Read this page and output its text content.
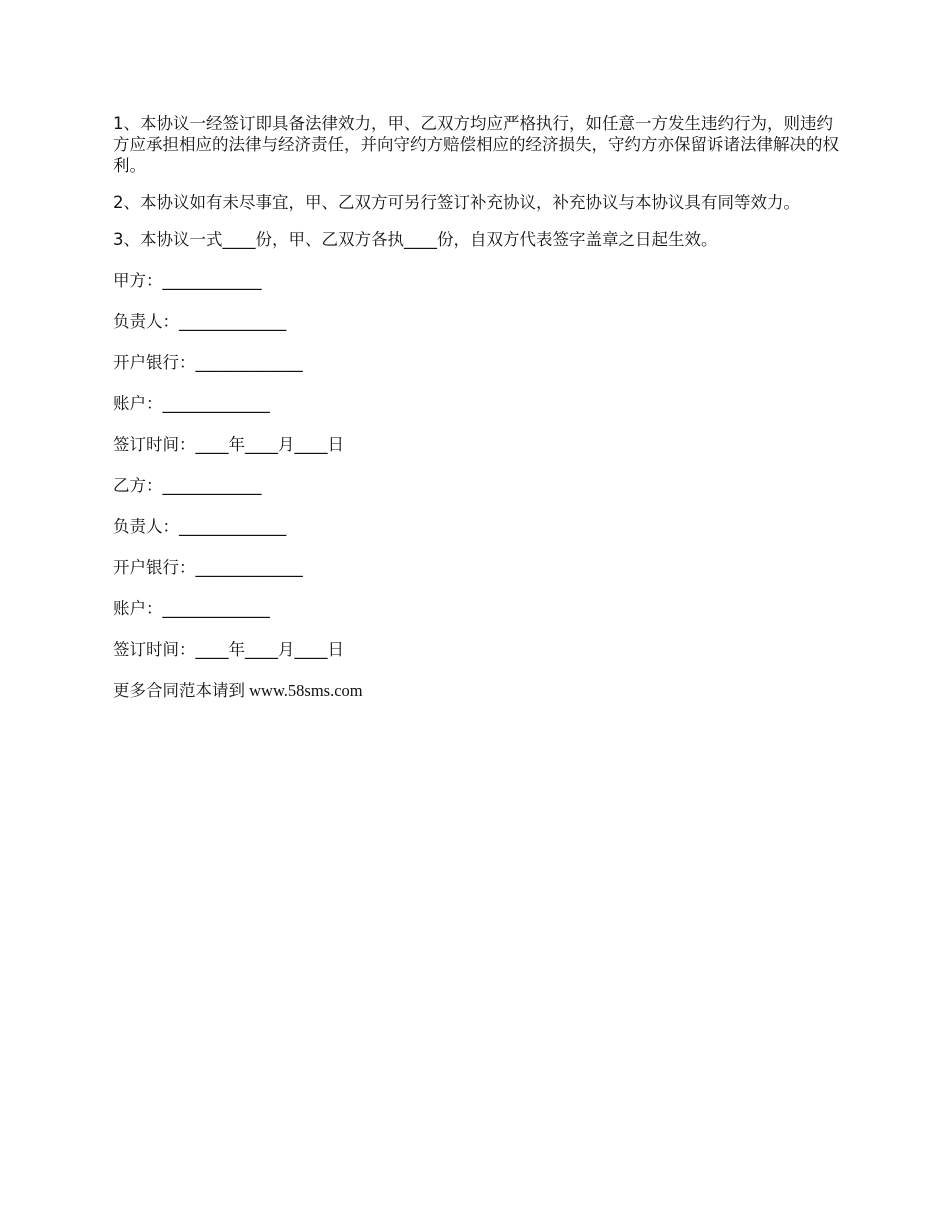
1、本协议一经签订即具备法律效力，甲、乙双方均应严格执行，如任意一方发生违约行为，则违约方应承担相应的法律与经济责任，并向守约方赔偿相应的经济损失，守约方亦保留诉诸法律解决的权利。

2、本协议如有未尽事宜，甲、乙双方可另行签订补充协议，补充协议与本协议具有同等效力。

3、本协议一式____份，甲、乙双方各执____份，自双方代表签字盖章之日起生效。

甲方：____________
负责人：_____________
开户银行：_____________
账户：_____________
签订时间：____年____月____日
乙方：____________
负责人：_____________
开户银行：_____________
账户：_____________
签订时间：____年____月____日

更多合同范本请到 www.58sms.com
